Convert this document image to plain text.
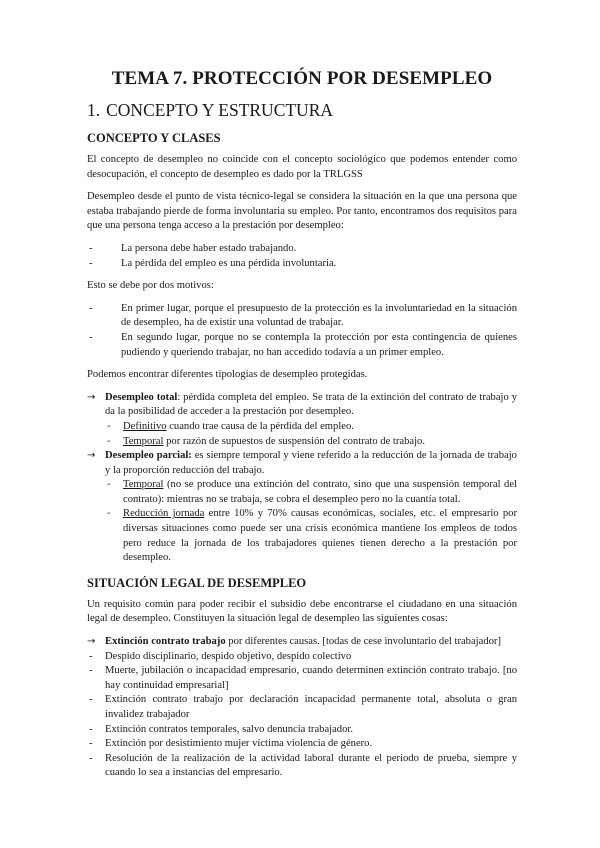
TEMA 7. PROTECCIÓN POR DESEMPLEO
1. CONCEPTO Y ESTRUCTURA
CONCEPTO Y CLASES

El concepto de desempleo no coincide con el concepto sociológico que podemos entender como desocupación, el concepto de desempleo es dado por la TRLGSS

Desempleo desde el punto de vista técnico-legal se considera la situación en la que una persona que estaba trabajando pierde de forma involuntaria su empleo. Por tanto, encontramos dos requisitos para que una persona tenga acceso a la prestación por desempleo:

-	La persona debe haber estado trabajando.
-	La pérdida del empleo es una pérdida involuntaria.

Esto se debe por dos motivos:

-	En primer lugar, porque el presupuesto de la protección es la involuntariedad en la situación de desempleo, ha de existir una voluntad de trabajar.
-	En segundo lugar, porque no se contempla la protección por esta contingencia de quienes pudiendo y queriendo trabajar, no han accedido todavía a un primer empleo.

Podemos encontrar diferentes tipologías de desempleo protegidas.

→ Desempleo total: pérdida completa del empleo. Se trata de la extinción del contrato de trabajo y da la posibilidad de acceder a la prestación por desempleo.
- Definitivo cuando trae causa de la pérdida del empleo.
- Temporal por razón de supuestos de suspensión del contrato de trabajo.
→ Desempleo parcial: es siempre temporal y viene referido a la reducción de la jornada de trabajo y la proporción reducción del trabajo.
- Temporal (no se produce una extinción del contrato, sino que una suspensión temporal del contrato): mientras no se trabaja, se cobra el desempleo pero no la cuantía total.
- Reducción jornada entre 10% y 70% causas económicas, sociales, etc. el empresario por diversas situaciones como puede ser una crisis económica mantiene los empleos de todos pero reduce la jornada de los trabajadores quienes tienen derecho a la prestación por desempleo.
SITUACIÓN LEGAL DE DESEMPLEO

Un requisito común para poder recibir el subsidio debe encontrarse el ciudadano en una situación legal de desempleo. Constituyen la situación legal de desempleo las siguientes cosas:

→ Extinción contrato trabajo por diferentes causas. [todas de cese involuntario del trabajador]
- Despido disciplinario, despido objetivo, despido colectivo
- Muerte, jubilación o incapacidad empresario, cuando determinen extinción contrato trabajo. [no hay continuidad empresarial]
- Extinción contrato trabajo por declaración incapacidad permanente total, absoluta o gran invalidez trabajador
- Extinción contratos temporales, salvo denuncia trabajador.
- Extinción por desistimiento mujer víctima violencia de género.
- Resolución de la realización de la actividad laboral durante el periodo de prueba, siempre y cuando lo sea a instancias del empresario.
